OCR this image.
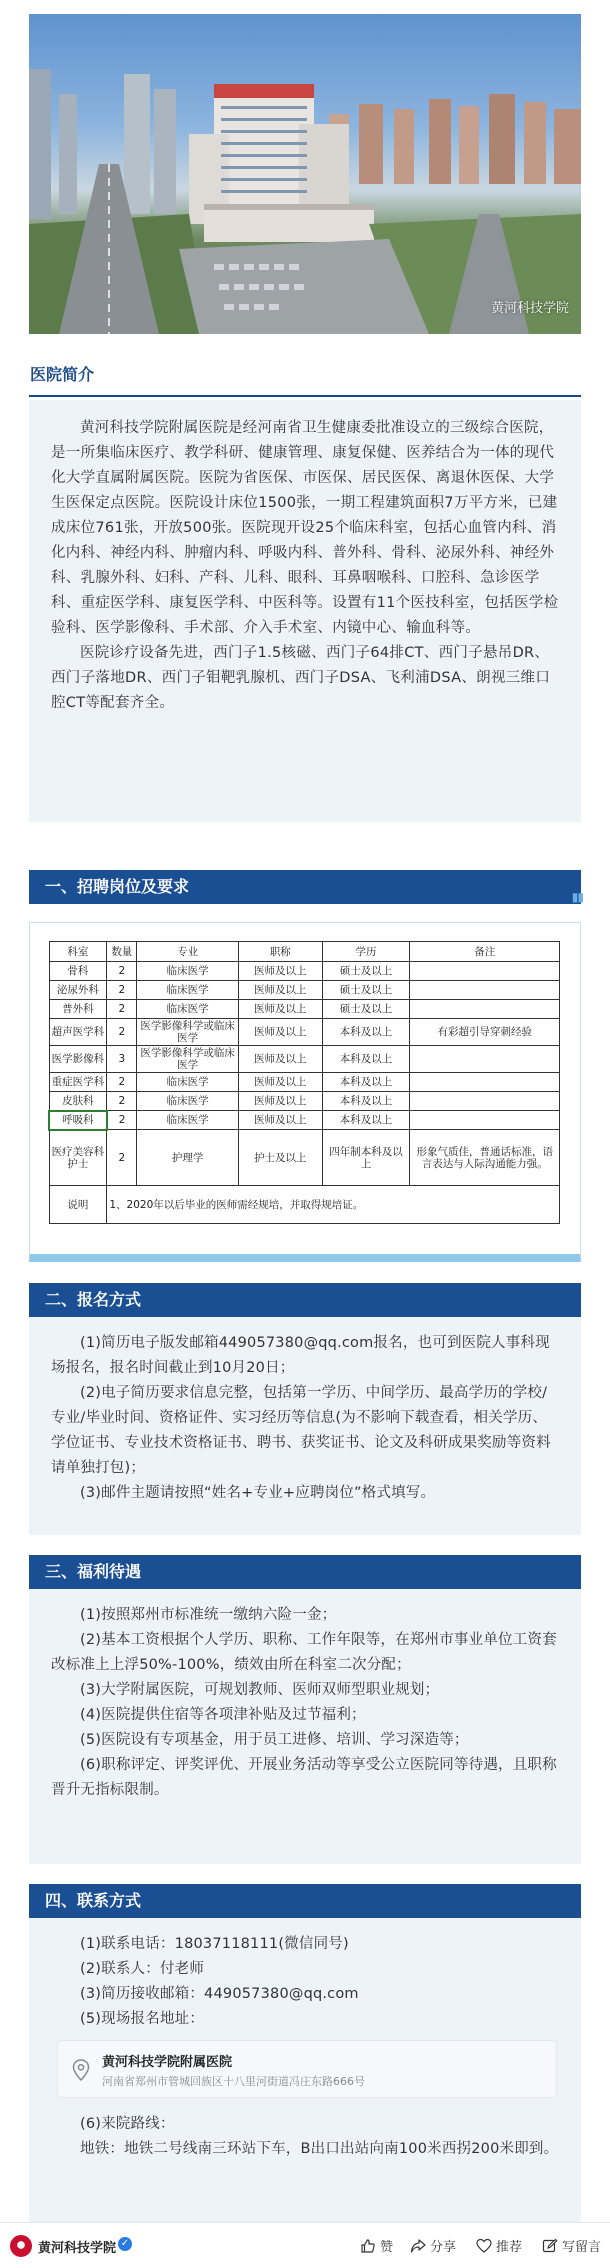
黄河科技学院
医院简介

黄河科技学院附属医院是经河南省卫生健康委批准设立的三级综合医院，是一所集临床医疗、教学科研、健康管理、康复保健、医养结合为一体的现代化大学直属附属医院。医院为省医保、市医保、居民医保、离退休医保、大学生医保定点医院。医院设计床位1500张，一期工程建筑面积7万平方米，已建成床位761张，开放500张。医院现开设25个临床科室，包括心血管内科、消化内科、神经内科、肿瘤内科、呼吸内科、普外科、骨科、泌尿外科、神经外科、乳腺外科、妇科、产科、儿科、眼科、耳鼻咽喉科、口腔科、急诊医学科、重症医学科、康复医学科、中医科等。设置有11个医技科室，包括医学检验科、医学影像科、手术部、介入手术室、内镜中心、输血科等。

医院诊疗设备先进，西门子1.5核磁、西门子64排CT、西门子悬吊DR、西门子落地DR、西门子钼靶乳腺机、西门子DSA、飞利浦DSA、朗视三维口腔CT等配套齐全。

一、招聘岗位及要求
▮▮
科室	数量	专业	职称	学历	备注
骨科	2	临床医学	医师及以上	硕士及以上	
泌尿外科	2	临床医学	医师及以上	硕士及以上	
普外科	2	临床医学	医师及以上	硕士及以上	
超声医学科	2	医学影像科学或临床医学	医师及以上	本科及以上	有彩超引导穿刺经验
医学影像科	3	医学影像科学或临床医学	医师及以上	本科及以上	
重症医学科	2	临床医学	医师及以上	本科及以上	
皮肤科	2	临床医学	医师及以上	本科及以上	
呼吸科	2	临床医学	医师及以上	本科及以上	
医疗美容科护士	2	护理学	护士及以上	四年制本科及以上	形象气质佳，普通话标准，语言表达与人际沟通能力强。
说明	1、2020年以后毕业的医师需经规培，并取得规培证。				
二、报名方式

(1)简历电子版发邮箱449057380@qq.com报名，也可到医院人事科现场报名，报名时间截止到10月20日；

(2)电子简历要求信息完整，包括第一学历、中间学历、最高学历的学校/专业/毕业时间、资格证件、实习经历等信息(为不影响下载查看，相关学历、学位证书、专业技术资格证书、聘书、获奖证书、论文及科研成果奖励等资料请单独打包)；

(3)邮件主题请按照“姓名+专业+应聘岗位”格式填写。

三、福利待遇

(1)按照郑州市标准统一缴纳六险一金；

(2)基本工资根据个人学历、职称、工作年限等，在郑州市事业单位工资套改标准上上浮50%-100%，绩效由所在科室二次分配；

(3)大学附属医院，可规划教师、医师双师型职业规划；

(4)医院提供住宿等各项津补贴及过节福利；

(5)医院设有专项基金，用于员工进修、培训、学习深造等；

(6)职称评定、评奖评优、开展业务活动等享受公立医院同等待遇，且职称晋升无指标限制。

四、联系方式

(1)联系电话：18037118111(微信同号)

(2)联系人：付老师

(3)简历接收邮箱：449057380@qq.com

(5)现场报名地址：

黄河科技学院附属医院
河南省郑州市管城回族区十八里河街道冯庄东路666号

(6)来院路线：

地铁：地铁二号线南三环站下车，B出口出站向南100米西拐200米即到。

黄河科技学院 ✓	赞	分享	推荐	写留言
